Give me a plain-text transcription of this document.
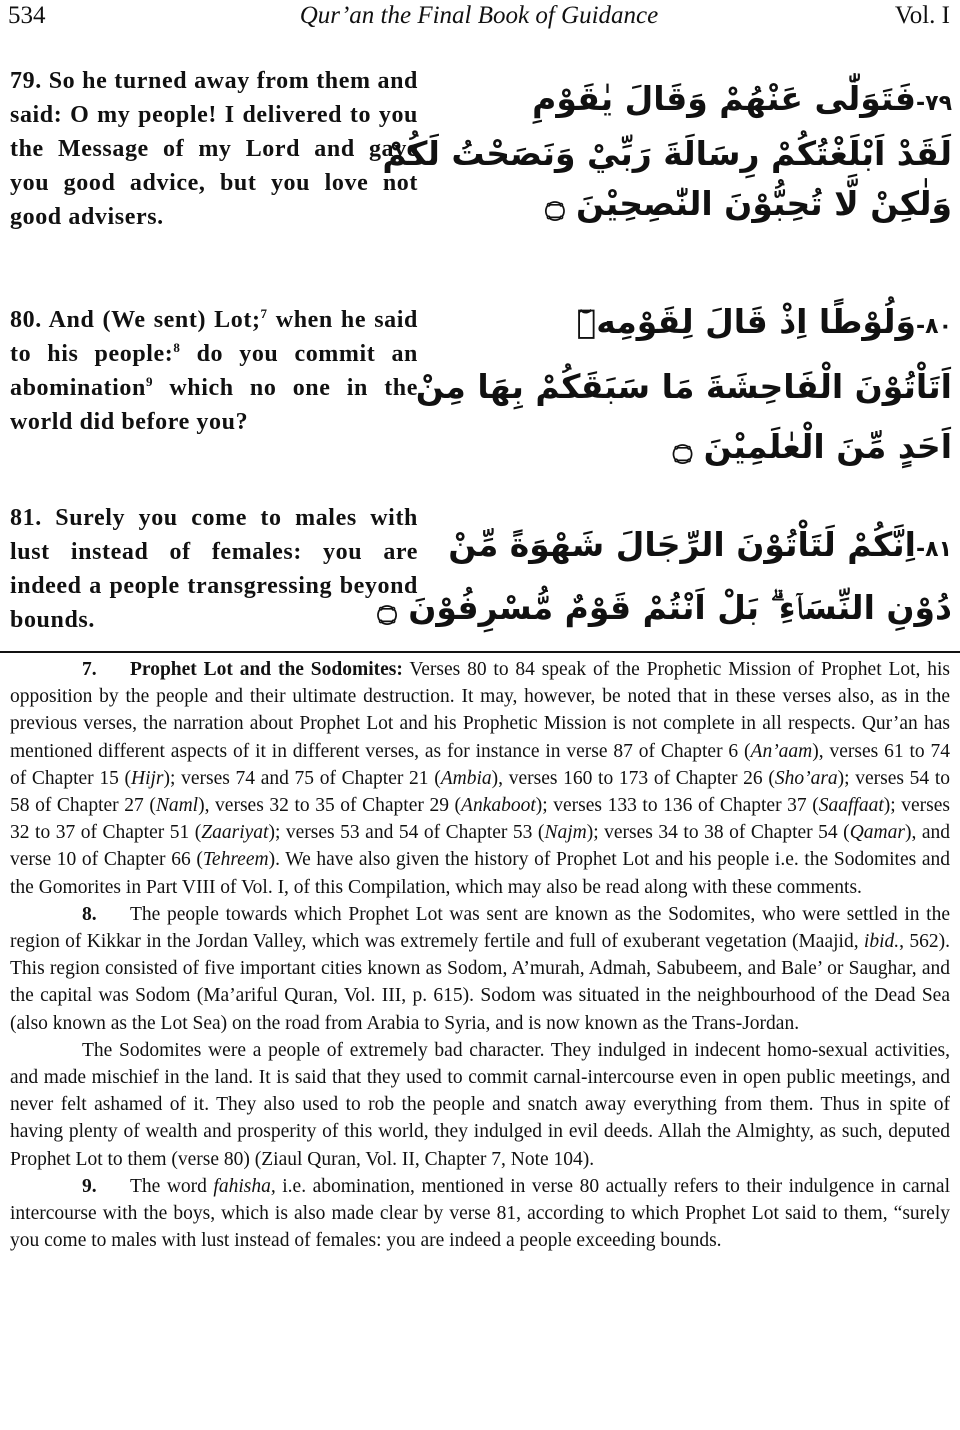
534	Qur’an the Final Book of Guidance	Vol. I
79. So he turned away from them and said: O my people! I delivered to you the Message of my Lord and gave you good advice, but you love not good advisers.
٧٩-فَتَوَلّٰى عَنْهُمْ وَقَالَ يٰقَوْمِ
لَقَدْ اَبْلَغْتُكُمْ رِسَالَةَ رَبِّيْ وَنَصَحْتُ لَكُمْ
وَلٰكِنْ لَّا تُحِبُّوْنَ النّٰصِحِيْنَ ۝
80. And (We sent) Lot;$^7$ when he said to his people:$^8$ do you commit an abomination$^9$ which no one in the world did before you?
٨٠-وَلُوْطًا اِذْ قَالَ لِقَوْمِهٖٓ
اَتَاْتُوْنَ الْفَاحِشَةَ مَا سَبَقَكُمْ بِهَا مِنْ
اَحَدٍ مِّنَ الْعٰلَمِيْنَ ۝
81. Surely you come to males with lust instead of females: you are indeed a people transgressing beyond bounds.
٨١-اِنَّكُمْ لَتَاْتُوْنَ الرِّجَالَ شَهْوَةً مِّنْ
دُوْنِ النِّسَاۤءِ ۗ بَلْ اَنْتُمْ قَوْمٌ مُّسْرِفُوْنَ ۝

7. Prophet Lot and the Sodomites: Verses 80 to 84 speak of the Prophetic Mission of Prophet Lot, his opposition by the people and their ultimate destruction. It may, however, be noted that in these verses also, as in the previous verses, the narration about Prophet Lot and his Prophetic Mission is not complete in all respects. Qur’an has mentioned different aspects of it in different verses, as for instance in verse 87 of Chapter 6 (An’aam), verses 61 to 74 of Chapter 15 (Hijr); verses 74 and 75 of Chapter 21 (Ambia), verses 160 to 173 of Chapter 26 (Sho’ara); verses 54 to 58 of Chapter 27 (Naml), verses 32 to 35 of Chapter 29 (Ankaboot); verses 133 to 136 of Chapter 37 (Saaffaat); verses 32 to 37 of Chapter 51 (Zaariyat); verses 53 and 54 of Chapter 53 (Najm); verses 34 to 38 of Chapter 54 (Qamar), and verse 10 of Chapter 66 (Tehreem). We have also given the history of Prophet Lot and his people i.e. the Sodomites and the Gomorites in Part VIII of Vol. I, of this Compilation, which may also be read along with these comments.

8. The people towards which Prophet Lot was sent are known as the Sodomites, who were settled in the region of Kikkar in the Jordan Valley, which was extremely fertile and full of exuberant vegetation (Maajid, ibid., 562). This region consisted of five important cities known as Sodom, A’murah, Admah, Sabubeem, and Bale’ or Saughar, and the capital was Sodom (Ma’ariful Quran, Vol. III, p. 615). Sodom was situated in the neighbourhood of the Dead Sea (also known as the Lot Sea) on the road from Arabia to Syria, and is now known as the Trans-Jordan.

The Sodomites were a people of extremely bad character. They indulged in indecent homo-sexual activities, and made mischief in the land. It is said that they used to commit carnal-intercourse even in open public meetings, and never felt ashamed of it. They also used to rob the people and snatch away everything from them. Thus in spite of having plenty of wealth and prosperity of this world, they indulged in evil deeds. Allah the Almighty, as such, deputed Prophet Lot to them (verse 80) (Ziaul Quran, Vol. II, Chapter 7, Note 104).

9. The word fahisha, i.e. abomination, mentioned in verse 80 actually refers to their indulgence in carnal intercourse with the boys, which is also made clear by verse 81, according to which Prophet Lot said to them, “surely you come to males with lust instead of females: you are indeed a people exceeding bounds.
